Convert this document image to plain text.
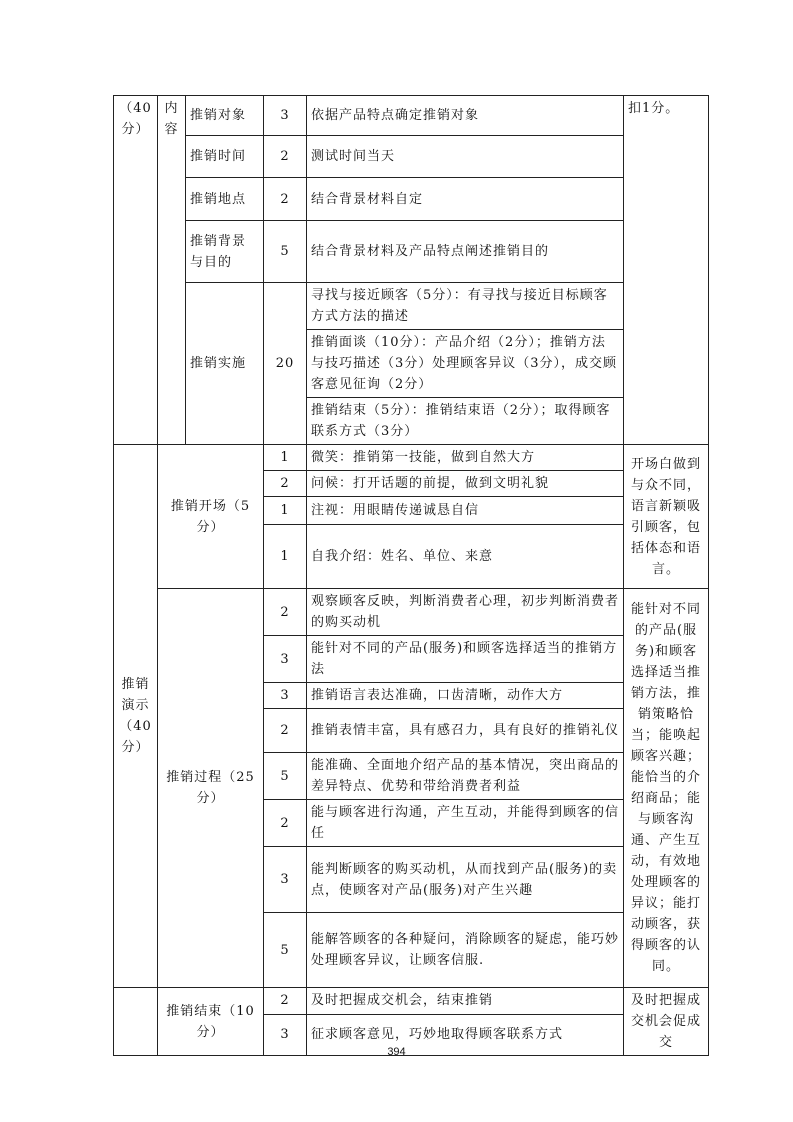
（40分）	内容	推销对象	3	依据产品特点确定推销对象	扣1分。
		推销时间	2	测试时间当天	
		推销地点	2	结合背景材料自定	
		推销背景与目的	5	结合背景材料及产品特点阐述推销目的	
		推销实施	20	寻找与接近顾客（5分）：有寻找与接近目标顾客方式方法的描述	
				推销面谈（10分）：产品介绍（2分）；推销方法与技巧描述（3分）处理顾客异议（3分），成交顾客意见征询（2分）	
				推销结束（5分）：推销结束语（2分）；取得顾客联系方式（3分）	
推销演示（40分）	推销开场（5分）		1	微笑：推销第一技能，做到自然大方	开场白做到与众不同，语言新颖吸引顾客，包括体态和语言。
			2	问候：打开话题的前提，做到文明礼貌	
			1	注视：用眼睛传递诚恳自信	
			1	自我介绍：姓名、单位、来意	
	推销过程（25分）		2	观察顾客反映，判断消费者心理，初步判断消费者的购买动机	能针对不同的产品(服务)和顾客选择适当推销方法，推销策略恰当；能唤起顾客兴趣；能恰当的介绍商品；能与顾客沟通、产生互动，有效地处理顾客的异议；能打动顾客，获得顾客的认同。
			3	能针对不同的产品(服务)和顾客选择适当的推销方法	
			3	推销语言表达准确，口齿清晰，动作大方	
			2	推销表情丰富，具有感召力，具有良好的推销礼仪	
			5	能准确、全面地介绍产品的基本情况，突出商品的差异特点、优势和带给消费者利益	
			2	能与顾客进行沟通，产生互动，并能得到顾客的信任	
			3	能判断顾客的购买动机，从而找到产品(服务)的卖点，使顾客对产品(服务)对产生兴趣	
			5	能解答顾客的各种疑问，消除顾客的疑虑，能巧妙处理顾客异议，让顾客信服.	
	推销结束（10分）		2	及时把握成交机会，结束推销	及时把握成交机会促成交
			3	征求顾客意见，巧妙地取得顾客联系方式	
394
